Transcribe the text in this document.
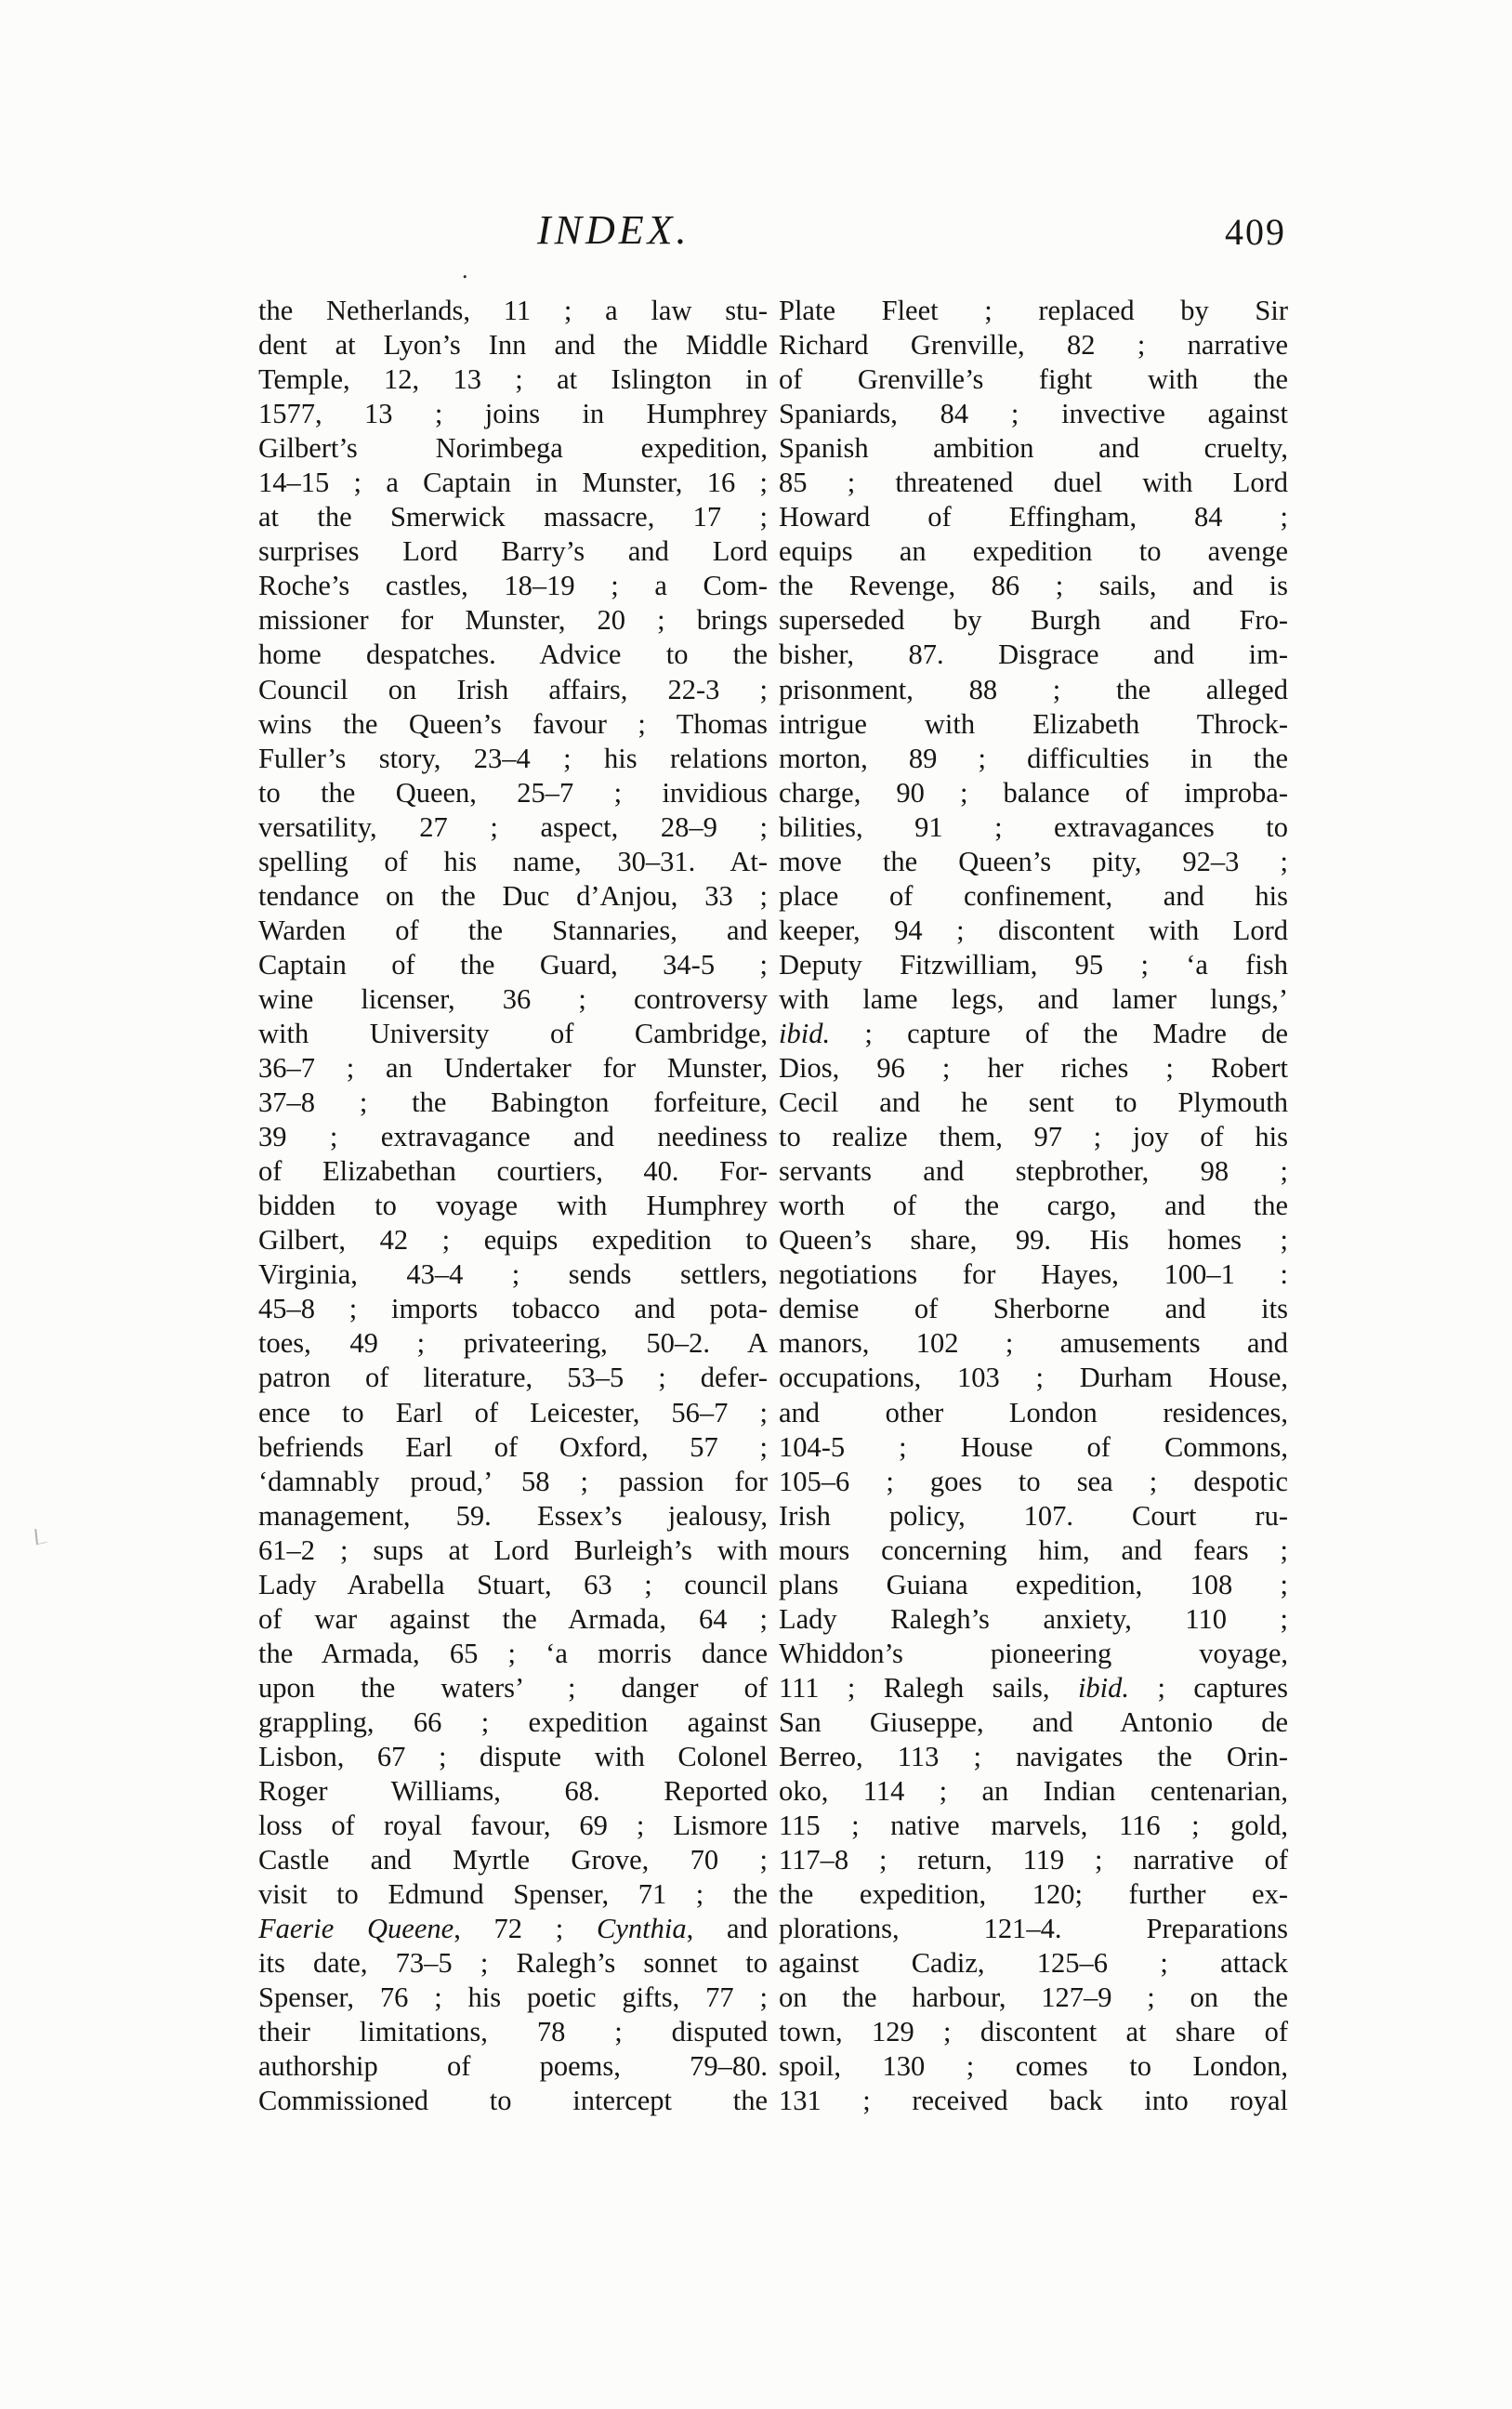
.
INDEX.	409
the Netherlands, 11 ; a law stu-
dent at Lyon’s Inn and the Middle
Temple, 12, 13 ; at Islington in
1577, 13 ; joins in Humphrey
Gilbert’s Norimbega expedition,
14–15 ; a Captain in Munster, 16 ;
at the Smerwick massacre, 17 ;
surprises Lord Barry’s and Lord
Roche’s castles, 18–19 ; a Com-
missioner for Munster, 20 ; brings
home despatches. Advice to the
Council on Irish affairs, 22-3 ;
wins the Queen’s favour ; Thomas
Fuller’s story, 23–4 ; his relations
to the Queen, 25–7 ; invidious
versatility, 27 ; aspect, 28–9 ;
spelling of his name, 30–31. At-
tendance on the Duc d’Anjou, 33 ;
Warden of the Stannaries, and
Captain of the Guard, 34-5 ;
wine licenser, 36 ; controversy
with University of Cambridge,
36–7 ; an Undertaker for Munster,
37–8 ; the Babington forfeiture,
39 ; extravagance and neediness
of Elizabethan courtiers, 40. For-
bidden to voyage with Humphrey
Gilbert, 42 ; equips expedition to
Virginia, 43–4 ; sends settlers,
45–8 ; imports tobacco and pota-
toes, 49 ; privateering, 50–2. A
patron of literature, 53–5 ; defer-
ence to Earl of Leicester, 56–7 ;
befriends Earl of Oxford, 57 ;
‘damnably proud,’ 58 ; passion for
management, 59. Essex’s jealousy,
61–2 ; sups at Lord Burleigh’s with
Lady Arabella Stuart, 63 ; council
of war against the Armada, 64 ;
the Armada, 65 ; ‘a morris dance
upon the waters’ ; danger of
grappling, 66 ; expedition against
Lisbon, 67 ; dispute with Colonel
Roger Williams, 68. Reported
loss of royal favour, 69 ; Lismore
Castle and Myrtle Grove, 70 ;
visit to Edmund Spenser, 71 ; the
Faerie Queene, 72 ; Cynthia, and
its date, 73–5 ; Ralegh’s sonnet to
Spenser, 76 ; his poetic gifts, 77 ;
their limitations, 78 ; disputed
authorship of poems, 79–80.
Commissioned to intercept the
Plate Fleet ; replaced by Sir
Richard Grenville, 82 ; narrative
of Grenville’s fight with the
Spaniards, 84 ; invective against
Spanish ambition and cruelty,
85 ; threatened duel with Lord
Howard of Effingham, 84 ;
equips an expedition to avenge
the Revenge, 86 ; sails, and is
superseded by Burgh and Fro-
bisher, 87. Disgrace and im-
prisonment, 88 ; the alleged
intrigue with Elizabeth Throck-
morton, 89 ; difficulties in the
charge, 90 ; balance of improba-
bilities, 91 ; extravagances to
move the Queen’s pity, 92–3 ;
place of confinement, and his
keeper, 94 ; discontent with Lord
Deputy Fitzwilliam, 95 ; ‘a fish
with lame legs, and lamer lungs,’
ibid. ; capture of the Madre de
Dios, 96 ; her riches ; Robert
Cecil and he sent to Plymouth
to realize them, 97 ; joy of his
servants and stepbrother, 98 ;
worth of the cargo, and the
Queen’s share, 99. His homes ;
negotiations for Hayes, 100–1 :
demise of Sherborne and its
manors, 102 ; amusements and
occupations, 103 ; Durham House,
and other London residences,
104-5 ; House of Commons,
105–6 ; goes to sea ; despotic
Irish policy, 107. Court ru-
mours concerning him, and fears ;
plans Guiana expedition, 108 ;
Lady Ralegh’s anxiety, 110 ;
Whiddon’s pioneering voyage,
111 ; Ralegh sails, ibid. ; captures
San Giuseppe, and Antonio de
Berreo, 113 ; navigates the Orin-
oko, 114 ; an Indian centenarian,
115 ; native marvels, 116 ; gold,
117–8 ; return, 119 ; narrative of
the expedition, 120; further ex-
plorations, 121–4. Preparations
against Cadiz, 125–6 ; attack
on the harbour, 127–9 ; on the
town, 129 ; discontent at share of
spoil, 130 ; comes to London,
131 ; received back into royal
